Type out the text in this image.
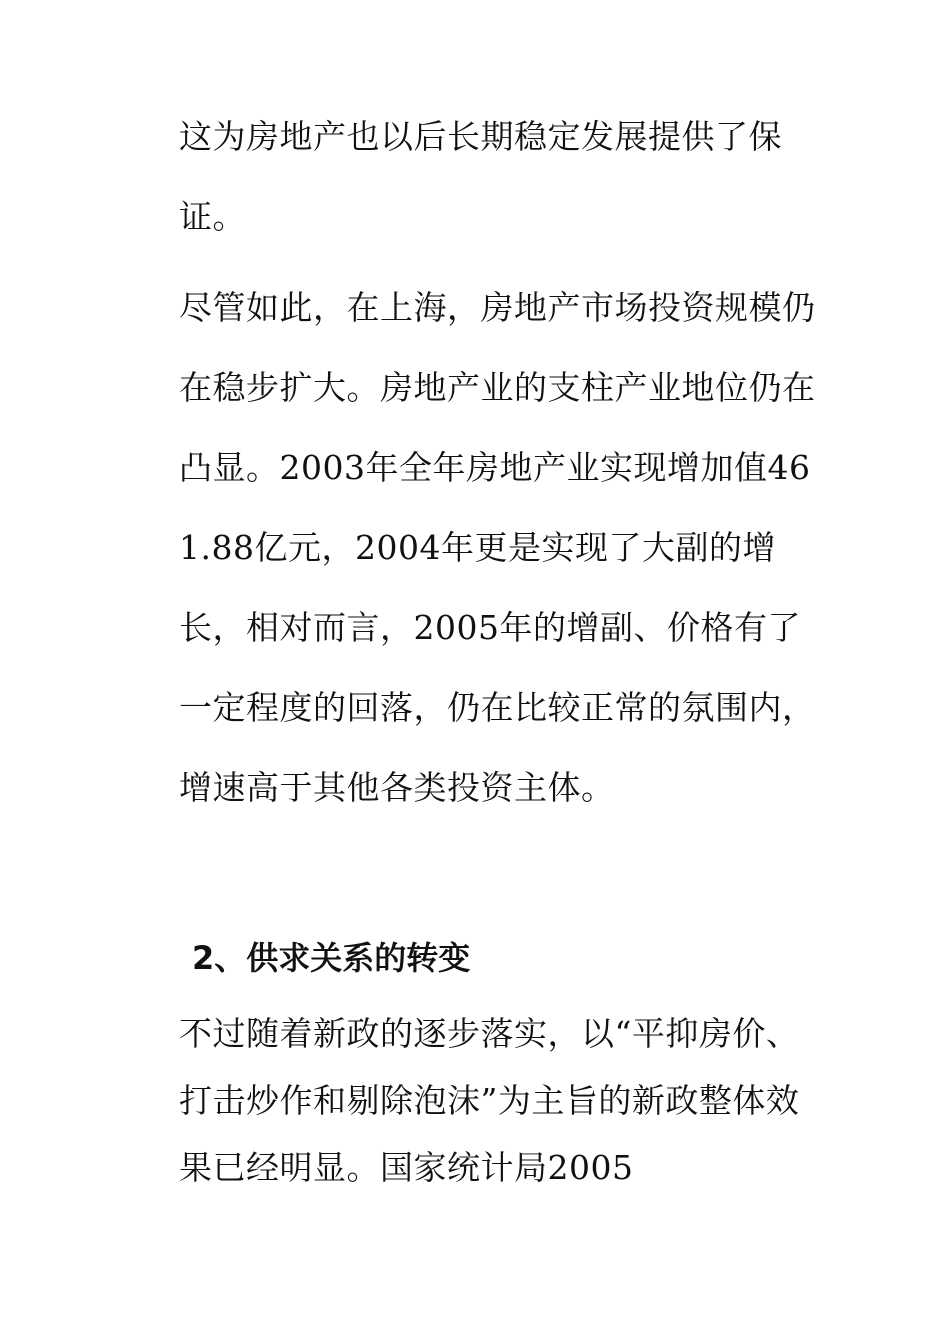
这为房地产也以后长期稳定发展提供了保证。

尽管如此，在上海，房地产市场投资规模仍在稳步扩大。房地产业的支柱产业地位仍在凸显。2003年全年房地产业实现增加值461.88亿元，2004年更是实现了大副的增长，相对而言，2005年的增副、价格有了一定程度的回落，仍在比较正常的氛围内，增速高于其他各类投资主体。

2、供求关系的转变

不过随着新政的逐步落实，以“平抑房价、打击炒作和剔除泡沫”为主旨的新政整体效果已经明显。国家统计局2005
